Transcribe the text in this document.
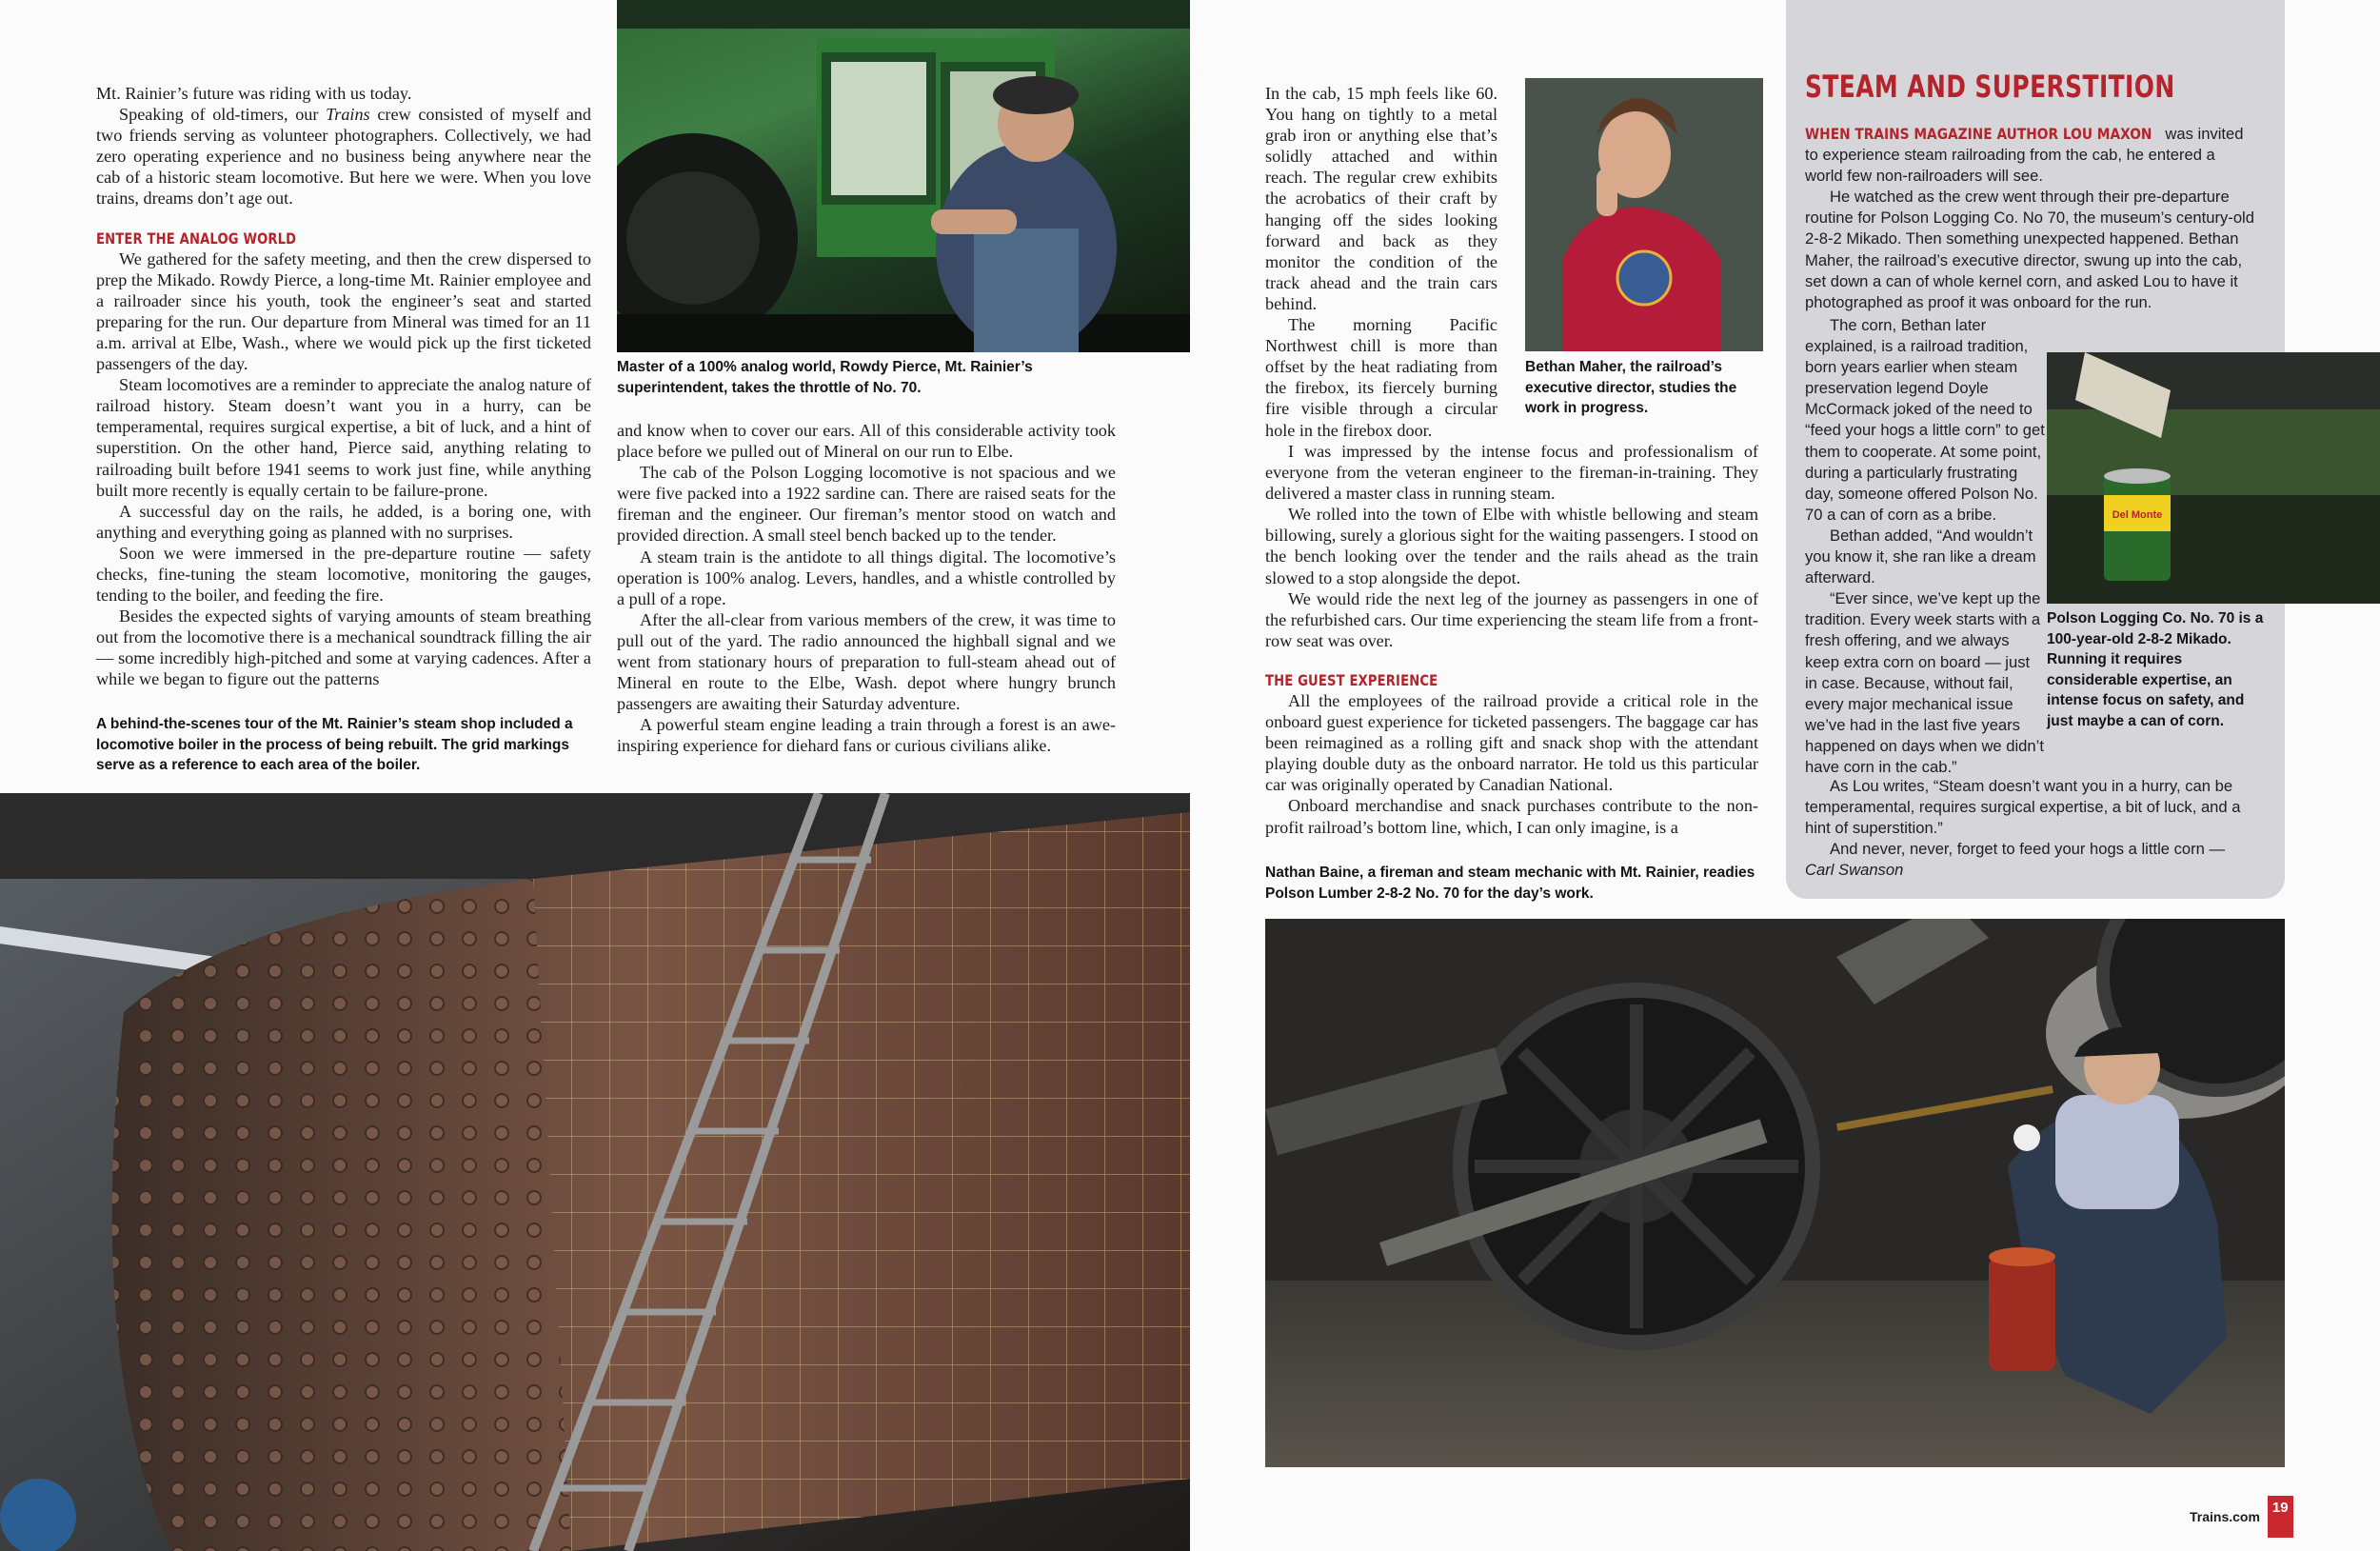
Mt. Rainier’s future was riding with us today.

Speaking of old-timers, our Trains crew consisted of myself and two friends serving as volunteer photographers. Collectively, we had zero operating experience and no business being anywhere near the cab of a historic steam locomotive. But here we were. When you love trains, dreams don’t age out.

ENTER THE ANALOG WORLD

We gathered for the safety meeting, and then the crew dispersed to prep the Mikado. Rowdy Pierce, a long-time Mt. Rainier employee and a railroader since his youth, took the engineer’s seat and started preparing for the run. Our departure from Mineral was timed for an 11 a.m. arrival at Elbe, Wash., where we would pick up the first ticketed passengers of the day.

Steam locomotives are a reminder to appreciate the analog nature of railroad history. Steam doesn’t want you in a hurry, can be temperamental, requires surgical expertise, a bit of luck, and a hint of superstition. On the other hand, Pierce said, anything relating to railroading built before 1941 seems to work just fine, while anything built more recently is equally certain to be failure-prone.

A successful day on the rails, he added, is a boring one, with anything and everything going as planned with no surprises.

Soon we were immersed in the pre-departure routine — safety checks, fine-tuning the steam locomotive, monitoring the gauges, tending to the boiler, and feeding the fire.

Besides the expected sights of varying amounts of steam breathing out from the locomotive there is a mechanical soundtrack filling the air — some incredibly high-pitched and some at varying cadences. After a while we began to figure out the patterns

A behind-the-scenes tour of the Mt. Rainier’s steam shop included a locomotive boiler in the process of being rebuilt. The grid markings serve as a reference to each area of the boiler.
Master of a 100% analog world, Rowdy Pierce, Mt. Rainier’s superintendent, takes the throttle of No. 70.

and know when to cover our ears. All of this considerable activity took place before we pulled out of Mineral on our run to Elbe.

The cab of the Polson Logging locomotive is not spacious and we were five packed into a 1922 sardine can. There are raised seats for the fireman and the engineer. Our fireman’s mentor stood on watch and provided direction. A small steel bench backed up to the tender.

A steam train is the antidote to all things digital. The locomotive’s operation is 100% analog. Levers, handles, and a whistle controlled by a pull of a rope.

After the all-clear from various members of the crew, it was time to pull out of the yard. The radio announced the highball signal and we went from stationary hours of preparation to full-steam ahead out of Mineral en route to the Elbe, Wash. depot where hungry brunch passengers are awaiting their Saturday adventure.

A powerful steam engine leading a train through a forest is an awe-inspiring experience for diehard fans or curious civilians alike.

In the cab, 15 mph feels like 60. You hang on tightly to a metal grab iron or anything else that’s solidly attached and within reach. The regular crew exhibits the acrobatics of their craft by hanging off the sides looking forward and back as they monitor the condition of the track ahead and the train cars behind.

The morning Pacific Northwest chill is more than offset by the heat radiating from the firebox, its fiercely burning fire visible through a circular hole in the firebox door.

Bethan Maher, the railroad’s executive director, studies the work in progress.

I was impressed by the intense focus and professionalism of everyone from the veteran engineer to the fireman-in-training. They delivered a master class in running steam.

We rolled into the town of Elbe with whistle bellowing and steam billowing, surely a glorious sight for the waiting passengers. I stood on the bench looking over the tender and the rails ahead as the train slowed to a stop alongside the depot.

We would ride the next leg of the journey as passengers in one of the refurbished cars. Our time experiencing the steam life from a front-row seat was over.

THE GUEST EXPERIENCE

All the employees of the railroad provide a critical role in the onboard guest experience for ticketed passengers. The baggage car has been reimagined as a rolling gift and snack shop with the attendant playing double duty as the onboard narrator. He told us this particular car was originally operated by Canadian National.

Onboard merchandise and snack purchases contribute to the non-profit railroad’s bottom line, which, I can only imagine, is a

Nathan Baine, a fireman and steam mechanic with Mt. Rainier, readies Polson Lumber 2-8-2 No. 70 for the day’s work.
STEAM AND SUPERSTITION

WHEN TRAINS MAGAZINE AUTHOR LOU MAXON was invited to experience steam railroading from the cab, he entered a world few non-railroaders will see.

He watched as the crew went through their pre-departure routine for Polson Logging Co. No 70, the museum’s century-old 2-8-2 Mikado. Then something unexpected happened. Bethan Maher, the railroad’s executive director, swung up into the cab, set down a can of whole kernel corn, and asked Lou to have it photographed as proof it was onboard for the run.

The corn, Bethan later explained, is a railroad tradition, born years earlier when steam preservation legend Doyle McCormack joked of the need to “feed your hogs a little corn” to get them to cooperate. At some point, during a particularly frustrating day, someone offered Polson No. 70 a can of corn as a bribe.

Bethan added, “And wouldn’t you know it, she ran like a dream afterward.

“Ever since, we’ve kept up the tradition. Every week starts with a fresh offering, and we always keep extra corn on board — just in case. Because, without fail, every major mechanical issue we’ve had in the last five years happened on days when we didn’t have corn in the cab.”

As Lou writes, “Steam doesn’t want you in a hurry, can be temperamental, requires surgical expertise, a bit of luck, and a hint of superstition.”

And never, never, forget to feed your hogs a little corn — Carl Swanson

Del Monte
Polson Logging Co. No. 70 is a 100-year-old 2-8-2 Mikado. Running it requires considerable expertise, an intense focus on safety, and just maybe a can of corn.
Trains.com
19
